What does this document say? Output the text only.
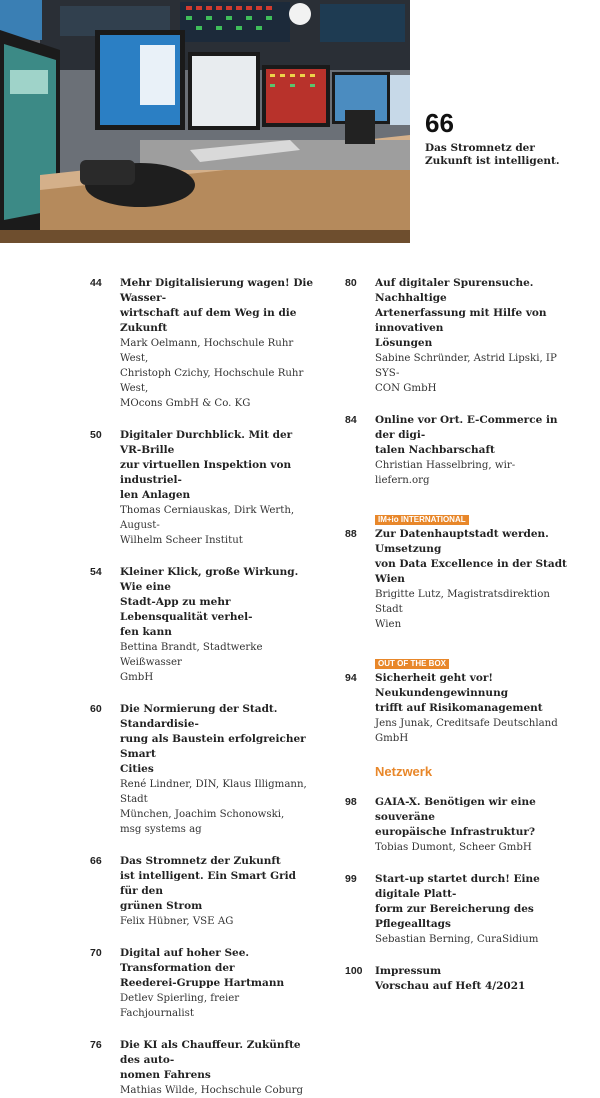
66
Das Stromnetz der Zukunft ist intelligent.
44 Mehr Digitalisierung wagen! Die Wasser-
wirtschaft auf dem Weg in die Zukunft
Mark Oelmann, Hochschule Ruhr West,
Christoph Czichy, Hochschule Ruhr West,
MOcons GmbH & Co. KG
50 Digitaler Durchblick. Mit der VR-Brille
zur virtuellen Inspektion von industriel-
len Anlagen
Thomas Cerniauskas, Dirk Werth, August-
Wilhelm Scheer Institut
54 Kleiner Klick, große Wirkung. Wie eine
Stadt-App zu mehr Lebensqualität verhel-
fen kann
Bettina Brandt, Stadtwerke Weißwasser
GmbH
60 Die Normierung der Stadt. Standardisie-
rung als Baustein erfolgreicher Smart
Cities
René Lindner, DIN, Klaus Illigmann, Stadt
München, Joachim Schonowski,
msg systems ag
66 Das Stromnetz der Zukunft
ist intelligent. Ein Smart Grid für den
grünen Strom
Felix Hübner, VSE AG
70 Digital auf hoher See. Transformation der
Reederei-Gruppe Hartmann
Detlev Spierling, freier Fachjournalist
76 Die KI als Chauffeur. Zukünfte des auto-
nomen Fahrens
Mathias Wilde, Hochschule Coburg
80 Auf digitaler Spurensuche. Nachhaltige
Artenerfassung mit Hilfe von innovativen
Lösungen
Sabine Schründer, Astrid Lipski, IP SYS-
CON GmbH
84 Online vor Ort. E-Commerce in der digi-
talen Nachbarschaft
Christian Hasselbring, wir-liefern.org
IM+io INTERNATIONAL
88 Zur Datenhauptstadt werden. Umsetzung
von Data Excellence in der Stadt Wien
Brigitte Lutz, Magistratsdirektion Stadt
Wien
OUT OF THE BOX
94 Sicherheit geht vor! Neukundengewinnung
trifft auf Risikomanagement
Jens Junak, Creditsafe Deutschland GmbH
Netzwerk
98 GAIA-X. Benötigen wir eine souveräne
europäische Infrastruktur?
Tobias Dumont, Scheer GmbH
99 Start-up startet durch! Eine digitale Platt-
form zur Bereicherung des Pflegealltags
Sebastian Berning, CuraSidium
100 Impressum
Vorschau auf Heft 4/2021
